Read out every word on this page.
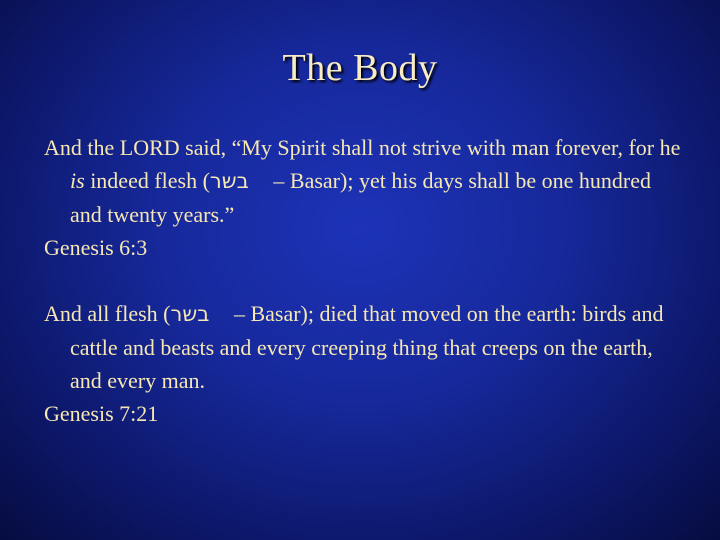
The Body

And the LORD said, “My Spirit shall not strive with man forever, for he is indeed flesh (בשר – Basar); yet his days shall be one hundred and twenty years.”

Genesis 6:3

And all flesh (בשר – Basar); died that moved on the earth: birds and cattle and beasts and every creeping thing that creeps on the earth, and every man.

Genesis 7:21
